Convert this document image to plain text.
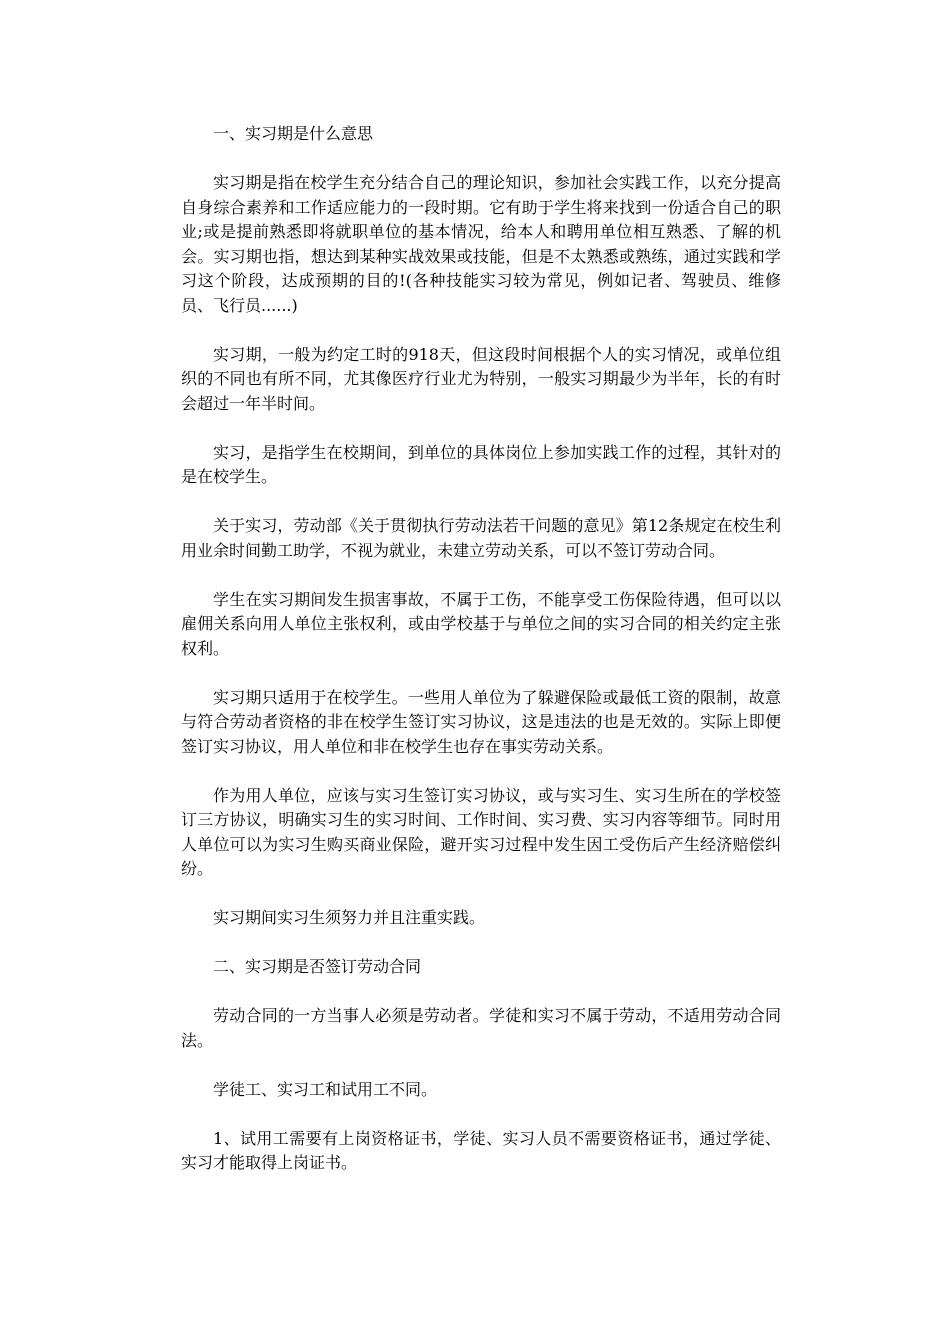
一、实习期是什么意思

实习期是指在校学生充分结合自己的理论知识，参加社会实践工作，以充分提高自身综合素养和工作适应能力的一段时期。它有助于学生将来找到一份适合自己的职业;或是提前熟悉即将就职单位的基本情况，给本人和聘用单位相互熟悉、了解的机会。实习期也指，想达到某种实战效果或技能，但是不太熟悉或熟练，通过实践和学习这个阶段，达成预期的目的!(各种技能实习较为常见，例如记者、驾驶员、维修员、飞行员......)

实习期，一般为约定工时的918天，但这段时间根据个人的实习情况，或单位组织的不同也有所不同，尤其像医疗行业尤为特别，一般实习期最少为半年，长的有时会超过一年半时间。

实习，是指学生在校期间，到单位的具体岗位上参加实践工作的过程，其针对的是在校学生。

关于实习，劳动部《关于贯彻执行劳动法若干问题的意见》第12条规定在校生利用业余时间勤工助学，不视为就业，未建立劳动关系，可以不签订劳动合同。

学生在实习期间发生损害事故，不属于工伤，不能享受工伤保险待遇，但可以以雇佣关系向用人单位主张权利，或由学校基于与单位之间的实习合同的相关约定主张权利。

实习期只适用于在校学生。一些用人单位为了躲避保险或最低工资的限制，故意与符合劳动者资格的非在校学生签订实习协议，这是违法的也是无效的。实际上即便签订实习协议，用人单位和非在校学生也存在事实劳动关系。

作为用人单位，应该与实习生签订实习协议，或与实习生、实习生所在的学校签订三方协议，明确实习生的实习时间、工作时间、实习费、实习内容等细节。同时用人单位可以为实习生购买商业保险，避开实习过程中发生因工受伤后产生经济赔偿纠纷。

实习期间实习生须努力并且注重实践。

二、实习期是否签订劳动合同

劳动合同的一方当事人必须是劳动者。学徒和实习不属于劳动，不适用劳动合同法。

学徒工、实习工和试用工不同。

1、试用工需要有上岗资格证书，学徒、实习人员不需要资格证书，通过学徒、实习才能取得上岗证书。
